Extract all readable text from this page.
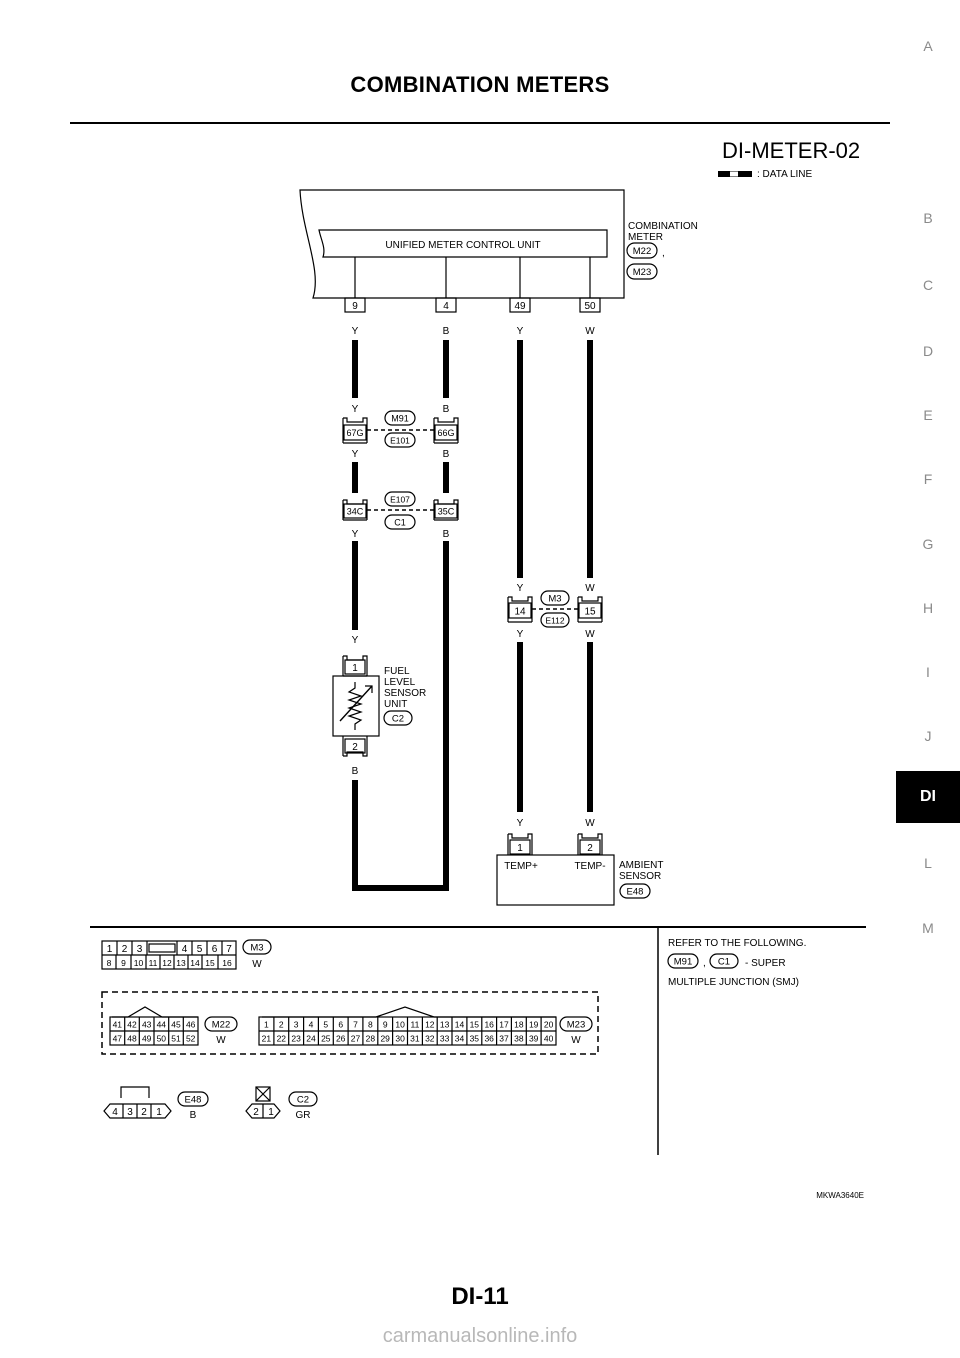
COMBINATION METERS
A
B
C
D
E
F
G
H
I
J
DI
L
M
DI-METER-02
: DATA LINE
UNIFIED METER CONTROL UNIT
COMBINATION
METER
M22 ,
M23
9	4	49	50
Y	B	Y	W
Y	B
67G	66G
M91
E101
Y	B
34C	35C
E107
C1
Y	B
Y	W
14	15
M3
E112
Y	W
Y
1
2
B
FUEL
LEVEL
SENSOR
UNIT
C2
Y	W
1	2
TEMP+	TEMP- AMBIENT
SENSOR
E48
1 2 3	4 5 6 7
8 9 10 11 12 13 14 15 16
M3
W
41 42 43 44 45 46
47 48 49 50 51 52
M22
W
1 2 3 4 5 6 7 8 9 10 11 12 13 14 15 16 17 18 19 20
21 22 23 24 25 26 27 28 29 30 31 32 33 34 35 36 37 38 39 40
M23
W
4 3 2 1
E48
B	2 1
C2
GR
REFER TO THE FOLLOWING.
M91 , C1 - SUPER
MULTIPLE JUNCTION (SMJ)
MKWA3640E
DI-11
carmanualsonline.info
